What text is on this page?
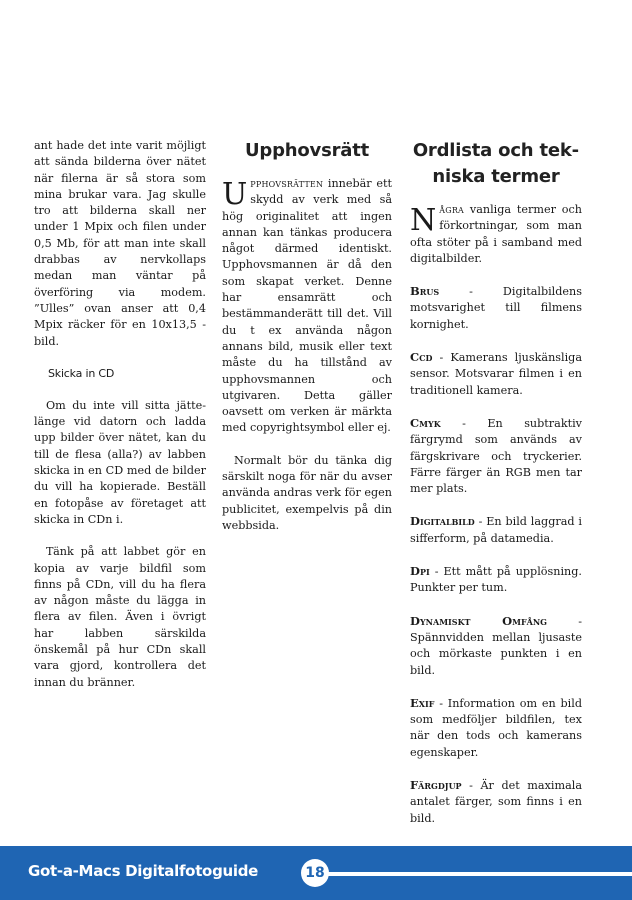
ant hade det inte varit möjligt att sända bilderna över nätet när filerna är så stora som mina brukar vara. Jag skulle tro att bilderna skall ner under 1 Mpix och filen under 0,5 Mb, för att man inte skall drabbas av nervkollaps medan man väntar på överföring via modem. ”Ulles” ovan anser att 0,4 Mpix räcker för en 10x13,5 -bild.

Skicka in CD

Om du inte vill sitta jättelänge vid datorn och ladda upp bilder över nätet, kan du till de flesa (alla?) av labben skicka in en CD med de bilder du vill ha kopierade. Beställ en fotopåse av företaget att skicka in CDn i.

Tänk på att labbet gör en kopia av varje bildfil som finns på CDn, vill du ha flera av någon måste du lägga in flera av filen. Även i övrigt har labben särskilda önskemål på hur CDn skall vara gjord, kontrollera det innan du bränner.

Upphovsrätt

Upphovsrätten innebär ett skydd av verk med så hög originalitet att ingen annan kan tänkas producera något därmed identiskt. Upphovsmannen är då den som skapat verket. Denne har ensamrätt och bestämmanderätt till det. Vill du t ex använda någon annans bild, musik eller text måste du ha tillstånd av upphovsmannen och utgivaren. Detta gäller oavsett om verken är märkta med copyrightsymbol eller ej.

Normalt bör du tänka dig särskilt noga för när du avser använda andras verk för egen publicitet, exempelvis på din webbsida.

Ordlista och tekniska termer

Några vanliga termer och förkortningar, som man ofta stöter på i samband med digitalbilder.

Brus - Digitalbildens motsvarighet till filmens kornighet.

Ccd - Kamerans ljuskänsliga sensor. Motsvarar filmen i en traditionell kamera.

Cmyk - En subtraktiv färgrymd som används av färgskrivare och tryckerier. Färre färger än RGB men tar mer plats.

Digitalbild - En bild laggrad i sifferform, på datamedia.

Dpi - Ett mått på upplösning. Punkter per tum.

Dynamiskt Omfång - Spännvidden mellan ljusaste och mörkaste punkten i en bild.

Exif - Information om en bild som medföljer bildfilen, tex när den tods och kamerans egenskaper.

Färgdjup - Är det maximala antalet färger, som finns i en bild.

Got-a-Macs Digitalfotoguide	18
